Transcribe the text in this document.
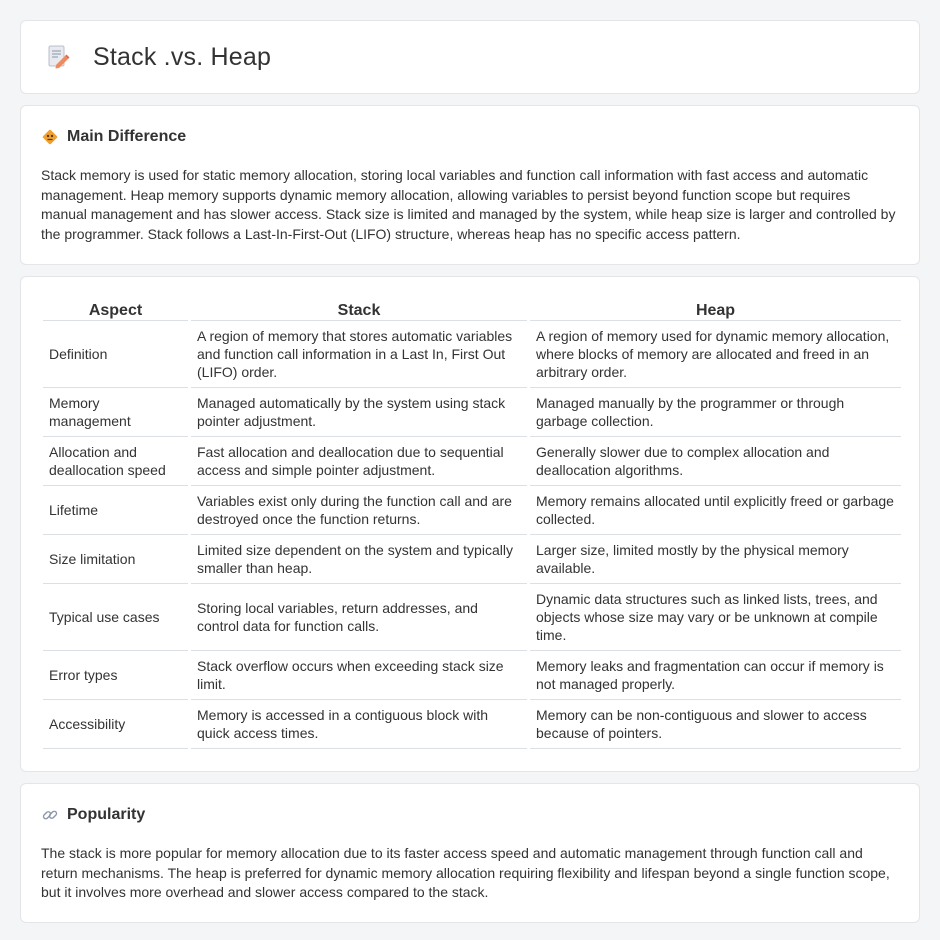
Stack .vs. Heap
Main Difference

Stack memory is used for static memory allocation, storing local variables and function call information with fast access and automatic management. Heap memory supports dynamic memory allocation, allowing variables to persist beyond function scope but requires manual management and has slower access. Stack size is limited and managed by the system, while heap size is larger and controlled by the programmer. Stack follows a Last-In-First-Out (LIFO) structure, whereas heap has no specific access pattern.

Aspect	Stack	Heap
Definition	A region of memory that stores automatic variables and function call information in a Last In, First Out (LIFO) order.	A region of memory used for dynamic memory allocation, where blocks of memory are allocated and freed in an arbitrary order.
Memory management	Managed automatically by the system using stack pointer adjustment.	Managed manually by the programmer or through garbage collection.
Allocation and deallocation speed	Fast allocation and deallocation due to sequential access and simple pointer adjustment.	Generally slower due to complex allocation and deallocation algorithms.
Lifetime	Variables exist only during the function call and are destroyed once the function returns.	Memory remains allocated until explicitly freed or garbage collected.
Size limitation	Limited size dependent on the system and typically smaller than heap.	Larger size, limited mostly by the physical memory available.
Typical use cases	Storing local variables, return addresses, and control data for function calls.	Dynamic data structures such as linked lists, trees, and objects whose size may vary or be unknown at compile time.
Error types	Stack overflow occurs when exceeding stack size limit.	Memory leaks and fragmentation can occur if memory is not managed properly.
Accessibility	Memory is accessed in a contiguous block with quick access times.	Memory can be non-contiguous and slower to access because of pointers.
Popularity

The stack is more popular for memory allocation due to its faster access speed and automatic management through function call and return mechanisms. The heap is preferred for dynamic memory allocation requiring flexibility and lifespan beyond a single function scope, but it involves more overhead and slower access compared to the stack.
